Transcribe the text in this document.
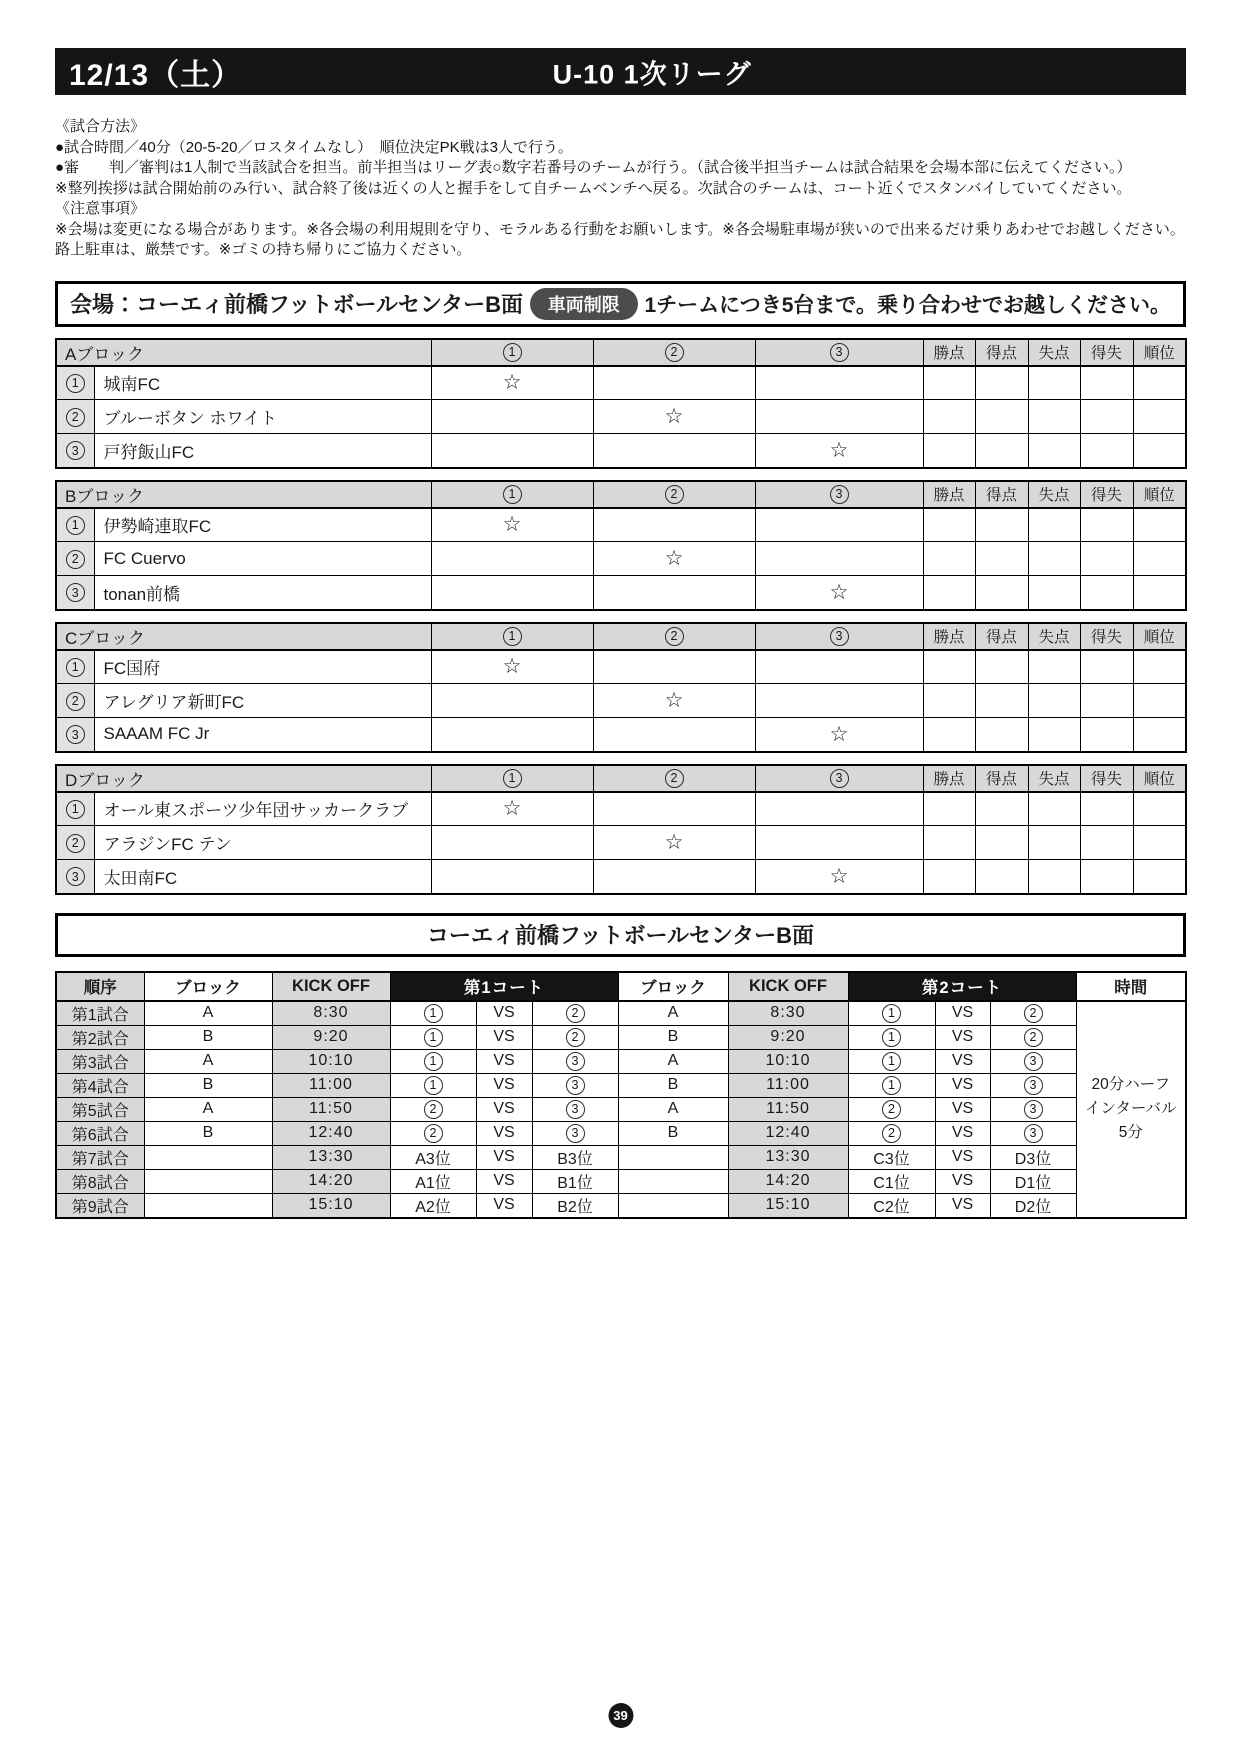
12/13（土）	U-10 1次リーグ

《試合方法》

●試合時間／40分（20-5-20／ロスタイムなし）　順位決定PK戦は3人で行う。

●審　　判／審判は1人制で当該試合を担当。前半担当はリーグ表○数字若番号のチームが行う。（試合後半担当チームは試合結果を会場本部に伝えてください。）

※整列挨拶は試合開始前のみ行い、試合終了後は近くの人と握手をして自チームベンチへ戻る。次試合のチームは、コート近くでスタンバイしていてください。

《注意事項》

※会場は変更になる場合があります。※各会場の利用規則を守り、モラルある行動をお願いします。※各会場駐車場が狭いので出来るだけ乗りあわせでお越しください。路上駐車は、厳禁です。※ゴミの持ち帰りにご協力ください。

会場：コーエィ前橋フットボールセンターB面	車両制限	1チームにつき5台まで。乗り合わせでお越しください。
Aブロック		1	2	3	勝点	得点	失点	得失	順位
1	城南FC	☆							
2	ブルーボタン ホワイト		☆						
3	戸狩飯山FC			☆					
Bブロック		1	2	3	勝点	得点	失点	得失	順位
1	伊勢崎連取FC	☆							
2	FC Cuervo		☆						
3	tonan前橋			☆					
Cブロック		1	2	3	勝点	得点	失点	得失	順位
1	FC国府	☆							
2	アレグリア新町FC		☆						
3	SAAAM FC Jr			☆					
Dブロック		1	2	3	勝点	得点	失点	得失	順位
1	オール東スポーツ少年団サッカークラブ	☆							
2	アラジンFC テン		☆						
3	太田南FC			☆					
コーエィ前橋フットボールセンターB面
順序	ブロック	KICK OFF	第1コート			ブロック	KICK OFF	第2コート			時間
第1試合	A	8:30	1	VS	2	A	8:30	1	VS	2	20分ハーフ
インターバル
5分

第2試合	B	9:20	1	VS	2	B	9:20	1	VS	2	
第3試合	A	10:10	1	VS	3	A	10:10	1	VS	3	
第4試合	B	11:00	1	VS	3	B	11:00	1	VS	3	
第5試合	A	11:50	2	VS	3	A	11:50	2	VS	3	
第6試合	B	12:40	2	VS	3	B	12:40	2	VS	3	
第7試合		13:30	A3位	VS	B3位		13:30	C3位	VS	D3位	
第8試合		14:20	A1位	VS	B1位		14:20	C1位	VS	D1位	
第9試合		15:10	A2位	VS	B2位		15:10	C2位	VS	D2位	
39
